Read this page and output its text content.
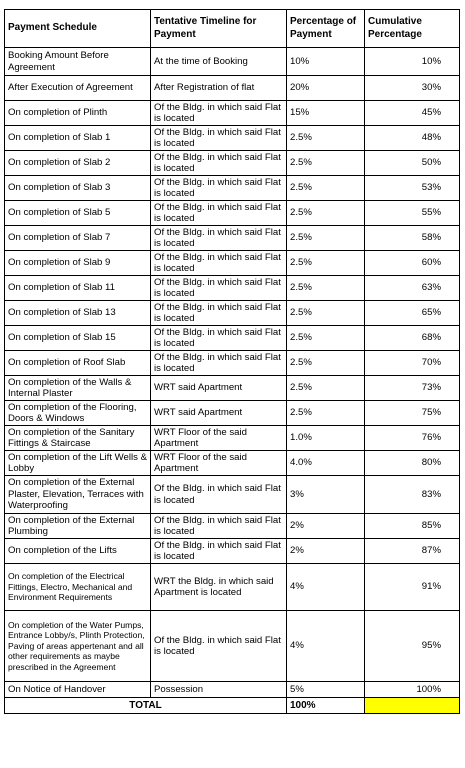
Payment Schedule	Tentative Timeline for Payment	Percentage of Payment	Cumulative Percentage
Booking Amount Before Agreement	At the time of Booking	10%	10%
After Execution of Agreement	After Registration of flat	20%	30%
On completion of Plinth	Of the Bldg. in which said Flat is located	15%	45%
On completion of Slab 1	Of the Bldg. in which said Flat is located	2.5%	48%
On completion of Slab 2	Of the Bldg. in which said Flat is located	2.5%	50%
On completion of Slab 3	Of the Bldg. in which said Flat is located	2.5%	53%
On completion of Slab 5	Of the Bldg. in which said Flat is located	2.5%	55%
On completion of Slab 7	Of the Bldg. in which said Flat is located	2.5%	58%
On completion of Slab 9	Of the Bldg. in which said Flat is located	2.5%	60%
On completion of Slab 11	Of the Bldg. in which said Flat is located	2.5%	63%
On completion of Slab 13	Of the Bldg. in which said Flat is located	2.5%	65%
On completion of Slab 15	Of the Bldg. in which said Flat is located	2.5%	68%
On completion of Roof Slab	Of the Bldg. in which said Flat is located	2.5%	70%
On completion of the Walls & Internal Plaster	WRT said Apartment	2.5%	73%
On completion of the Flooring, Doors & Windows	WRT said Apartment	2.5%	75%
On completion of the Sanitary Fittings & Staircase	WRT Floor of the said Apartment	1.0%	76%
On completion of the Lift Wells & Lobby	WRT Floor of the said Apartment	4.0%	80%
On completion of the External Plaster, Elevation, Terraces with Waterproofing	Of the Bldg. in which said Flat is located	3%	83%
On completion of the External Plumbing	Of the Bldg. in which said Flat is located	2%	85%
On completion of the Lifts	Of the Bldg. in which said Flat is located	2%	87%
On completion of the Electrical Fittings, Electro, Mechanical and Environment Requirements	WRT the Bldg. in which said Apartment is located	4%	91%
On completion of the Water Pumps, Entrance Lobby/s, Plinth Protection, Paving of areas appertenant and all other requirements as maybe prescribed in the Agreement	Of the Bldg. in which said Flat is located	4%	95%
On Notice of Handover	Possession	5%	100%
TOTAL		100%	
